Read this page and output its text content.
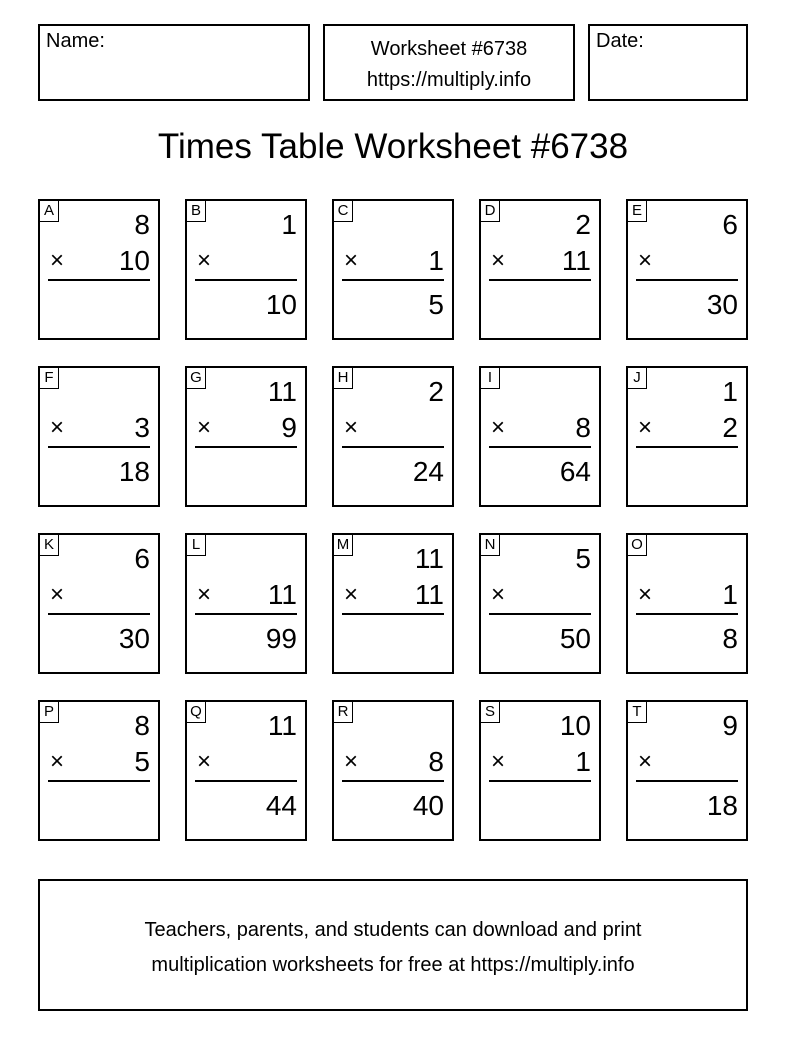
Name:	Worksheet #6738
https://multiply.info
Date:
Times Table Worksheet #6738
A	8
× 10
B	1
×
10
C
×	1
5
D	2
× 11
E	6
×
30
F
×	3
18
G 11
×	9
H	2
×
24
I
×	8
64
J	1
×	2
K	6
×
30
L
× 11
99
M 11
× 11
N	5
×
50
O
×	1
8
P	8
×	5
Q 11
×
44
R
×	8
40
S 10
×	1
T	9
×
18
Teachers, parents, and students can download and print
multiplication worksheets for free at https://multiply.info
